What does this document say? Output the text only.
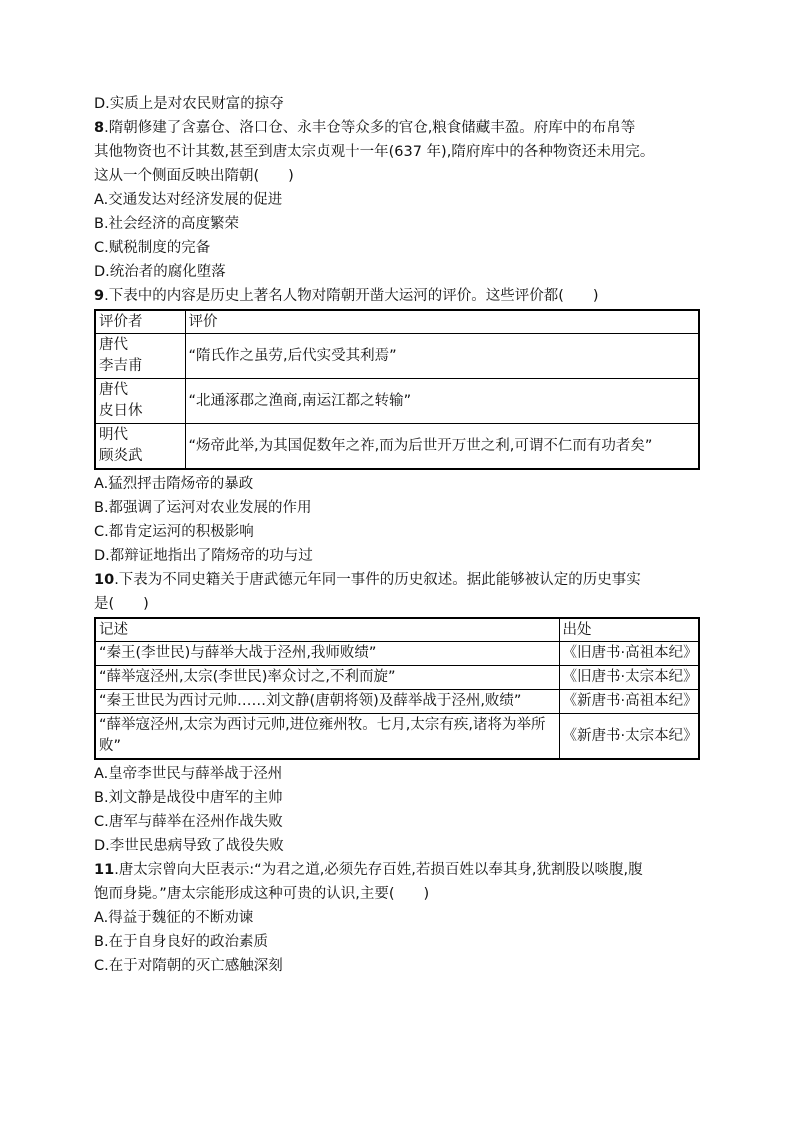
D.实质上是对农民财富的掠夺
8.隋朝修建了含嘉仓、洛口仓、永丰仓等众多的官仓,粮食储藏丰盈。府库中的布帛等
其他物资也不计其数,甚至到唐太宗贞观十一年(637 年),隋府库中的各种物资还未用完。
这从一个侧面反映出隋朝(　　)
A.交通发达对经济发展的促进
B.社会经济的高度繁荣
C.赋税制度的完备
D.统治者的腐化堕落
9.下表中的内容是历史上著名人物对隋朝开凿大运河的评价。这些评价都(　　)
评价者	评价
唐代
李吉甫	“隋氏作之虽劳,后代实受其利焉”
唐代
皮日休	“北通涿郡之渔商,南运江都之转输”
明代
顾炎武	“炀帝此举,为其国促数年之祚,而为后世开万世之利,可谓不仁而有功者矣”
A.猛烈抨击隋炀帝的暴政
B.都强调了运河对农业发展的作用
C.都肯定运河的积极影响
D.都辩证地指出了隋炀帝的功与过
10.下表为不同史籍关于唐武德元年同一事件的历史叙述。据此能够被认定的历史事实
是(　　)
记述	出处
“秦王(李世民)与薛举大战于泾州,我师败绩”	《旧唐书·高祖本纪》
“薛举寇泾州,太宗(李世民)率众讨之,不利而旋”	《旧唐书·太宗本纪》
“秦王世民为西讨元帅……刘文静(唐朝将领)及薛举战于泾州,败绩”	《新唐书·高祖本纪》
“薛举寇泾州,太宗为西讨元帅,进位雍州牧。七月,太宗有疾,诸将为举所败”	《新唐书·太宗本纪》
A.皇帝李世民与薛举战于泾州
B.刘文静是战役中唐军的主帅
C.唐军与薛举在泾州作战失败
D.李世民患病导致了战役失败
11.唐太宗曾向大臣表示:“为君之道,必须先存百姓,若损百姓以奉其身,犹割股以啖腹,腹
饱而身毙。”唐太宗能形成这种可贵的认识,主要(　　)
A.得益于魏征的不断劝谏
B.在于自身良好的政治素质
C.在于对隋朝的灭亡感触深刻
